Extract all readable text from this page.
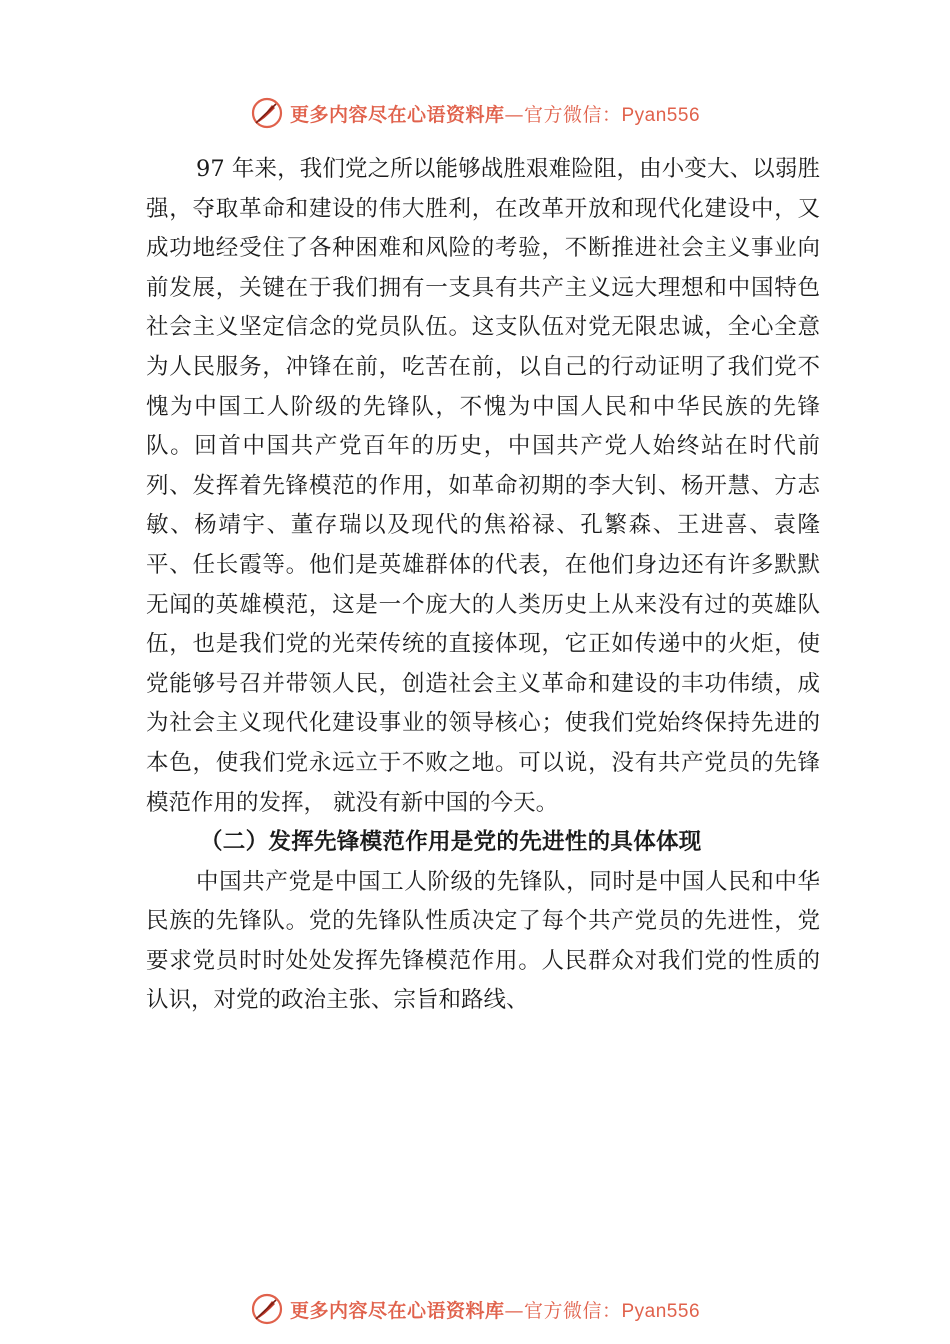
更多内容尽在心语资料库—官方微信：Pyan556

97 年来，我们党之所以能够战胜艰难险阻，由小变大、以弱胜强，夺取革命和建设的伟大胜利，在改革开放和现代化建设中，又成功地经受住了各种困难和风险的考验，不断推进社会主义事业向前发展，关键在于我们拥有一支具有共产主义远大理想和中国特色社会主义坚定信念的党员队伍。这支队伍对党无限忠诚，全心全意为人民服务，冲锋在前，吃苦在前，以自己的行动证明了我们党不愧为中国工人阶级的先锋队，不愧为中国人民和中华民族的先锋队。回首中国共产党百年的历史，中国共产党人始终站在时代前列、发挥着先锋模范的作用，如革命初期的李大钊、杨开慧、方志敏、杨靖宇、董存瑞以及现代的焦裕禄、孔繁森、王进喜、袁隆平、任长霞等。他们是英雄群体的代表，在他们身边还有许多默默无闻的英雄模范，这是一个庞大的人类历史上从来没有过的英雄队伍，也是我们党的光荣传统的直接体现，它正如传递中的火炬，使党能够号召并带领人民，创造社会主义革命和建设的丰功伟绩，成为社会主义现代化建设事业的领导核心；使我们党始终保持先进的本色，使我们党永远立于不败之地。可以说，没有共产党员的先锋模范作用的发挥， 就没有新中国的今天。

（二）发挥先锋模范作用是党的先进性的具体体现

中国共产党是中国工人阶级的先锋队，同时是中国人民和中华民族的先锋队。党的先锋队性质决定了每个共产党员的先进性，党要求党员时时处处发挥先锋模范作用。人民群众对我们党的性质的认识，对党的政治主张、宗旨和路线、

更多内容尽在心语资料库—官方微信：Pyan556
